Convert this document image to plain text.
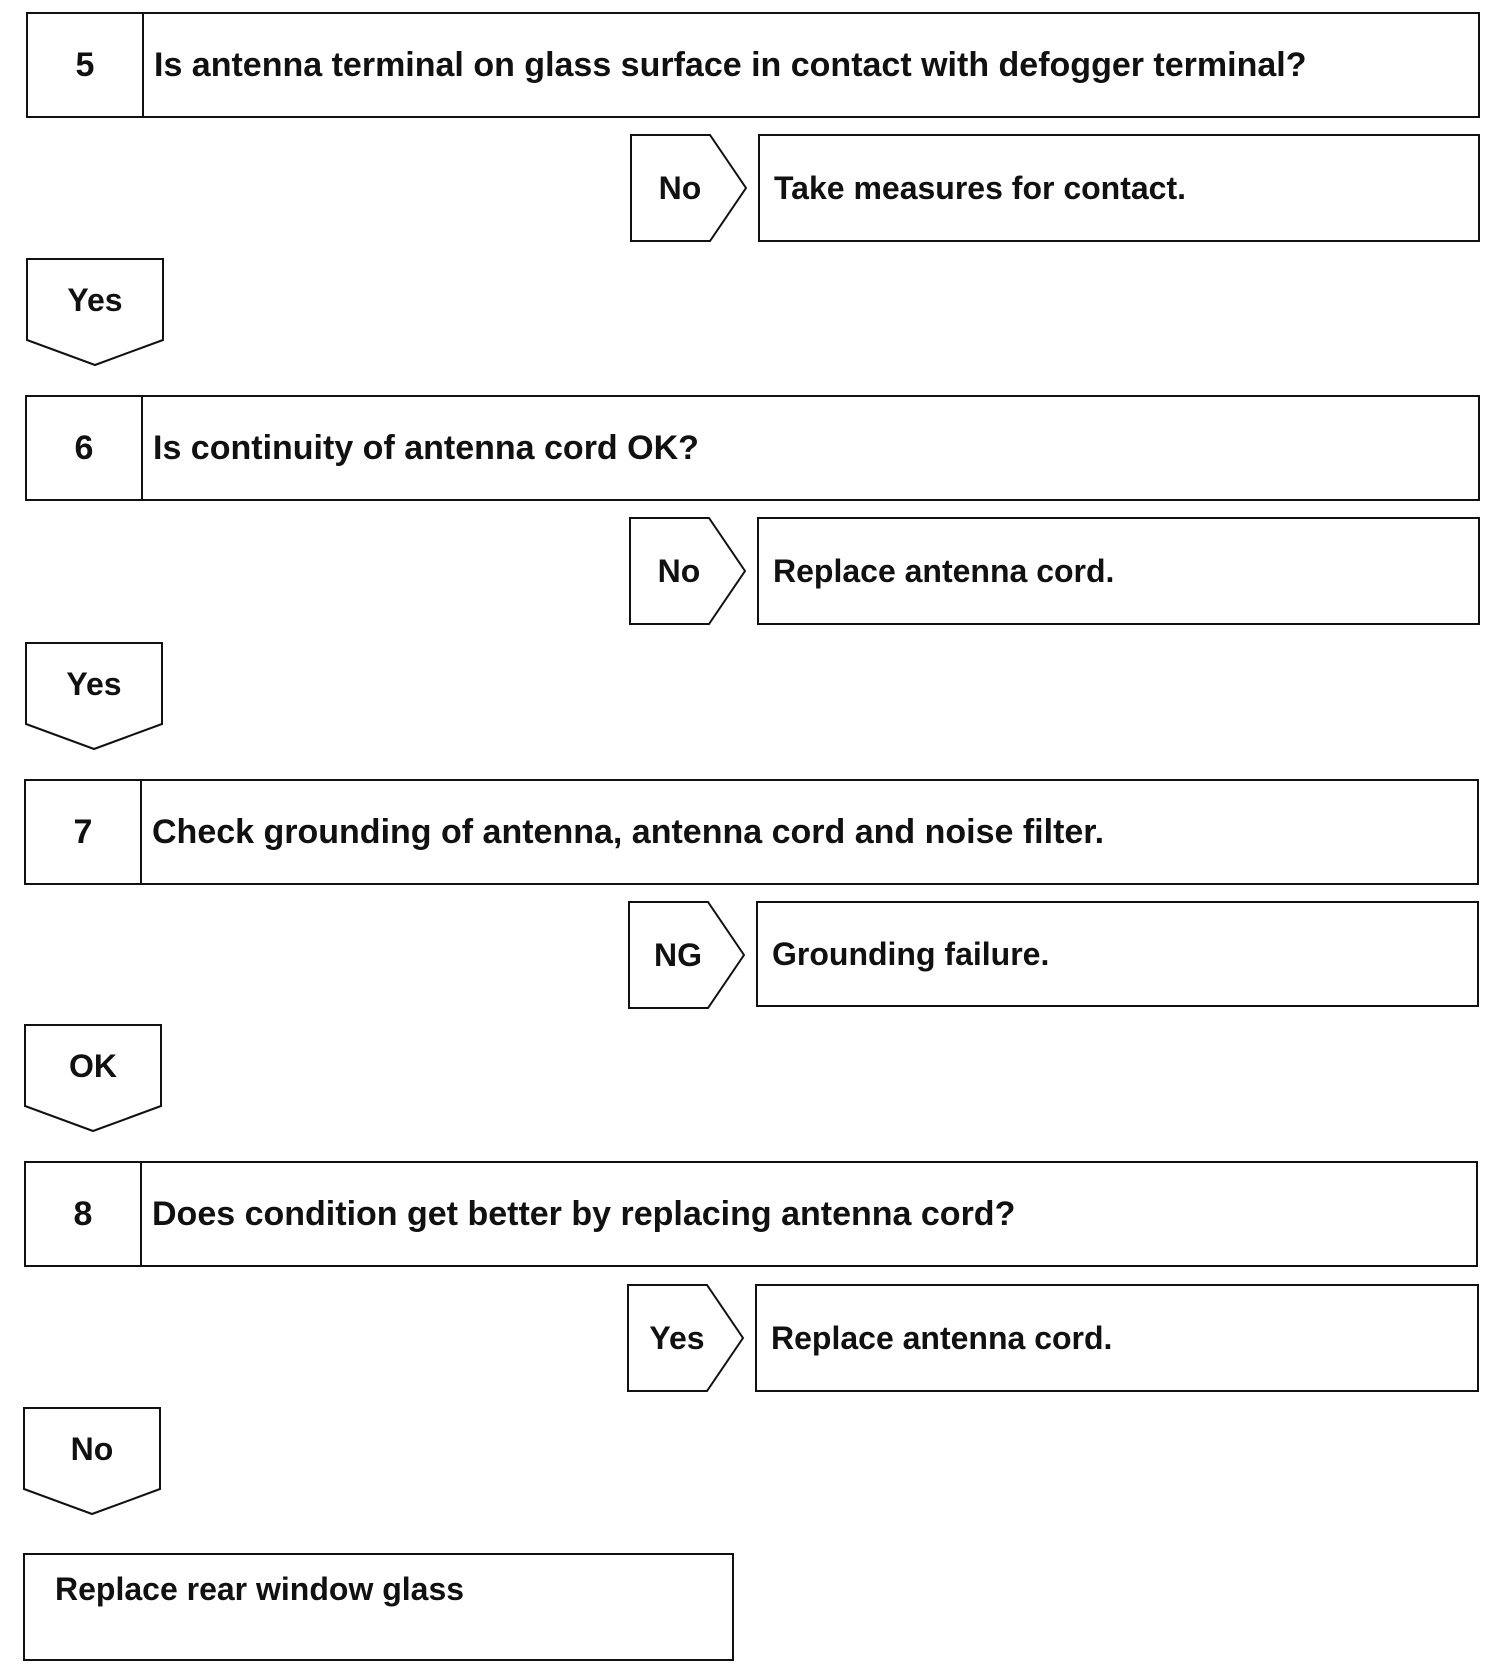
5	Is antenna terminal on glass surface in contact with defogger terminal?
No	Take measures for contact.
Yes
6	Is continuity of antenna cord OK?
No	Replace antenna cord.
Yes
7	Check grounding of antenna, antenna cord and noise filter.
NG	Grounding failure.
OK
8	Does condition get better by replacing antenna cord?
Yes	Replace antenna cord.
No
Replace rear window glass
